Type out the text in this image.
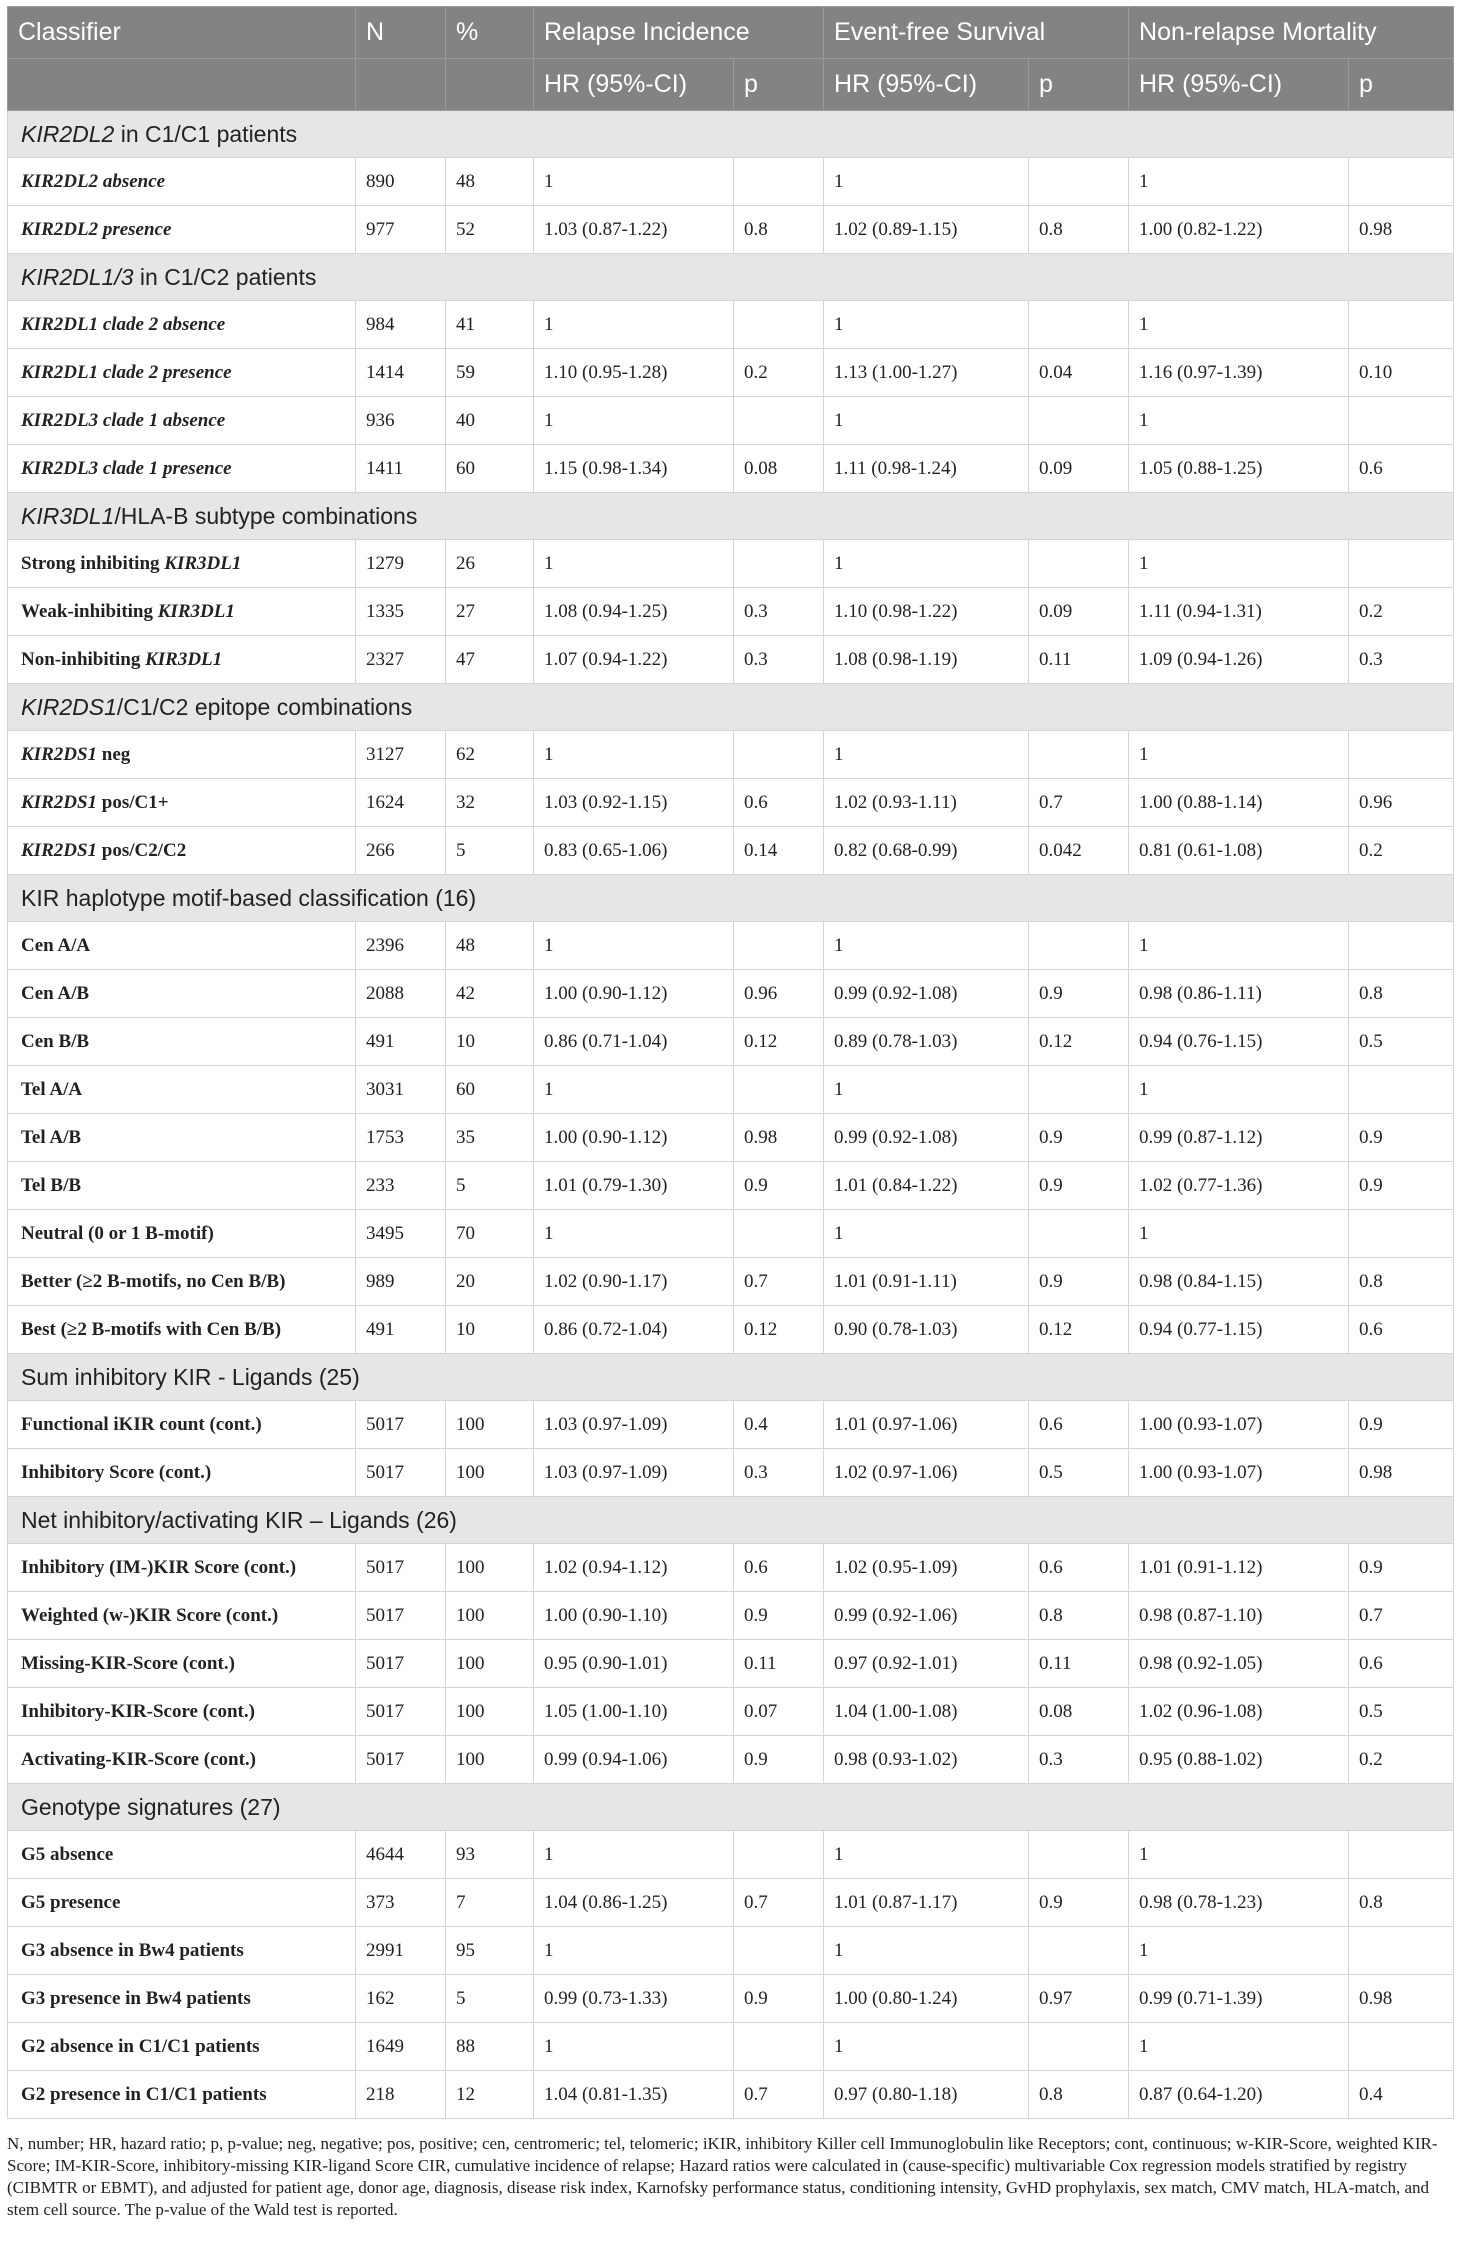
Classifier	N	%	Relapse Incidence		Event-free Survival		Non-relapse Mortality	
			HR (95%-CI)	p	HR (95%-CI)	p	HR (95%-CI)	p
KIR2DL2 in C1/C1 patients								
KIR2DL2 absence	890	48	1		1		1	
KIR2DL2 presence	977	52	1.03 (0.87-1.22)	0.8	1.02 (0.89-1.15)	0.8	1.00 (0.82-1.22)	0.98
KIR2DL1/3 in C1/C2 patients								
KIR2DL1 clade 2 absence	984	41	1		1		1	
KIR2DL1 clade 2 presence	1414	59	1.10 (0.95-1.28)	0.2	1.13 (1.00-1.27)	0.04	1.16 (0.97-1.39)	0.10
KIR2DL3 clade 1 absence	936	40	1		1		1	
KIR2DL3 clade 1 presence	1411	60	1.15 (0.98-1.34)	0.08	1.11 (0.98-1.24)	0.09	1.05 (0.88-1.25)	0.6
KIR3DL1/HLA-B subtype combinations								
Strong inhibiting KIR3DL1	1279	26	1		1		1	
Weak-inhibiting KIR3DL1	1335	27	1.08 (0.94-1.25)	0.3	1.10 (0.98-1.22)	0.09	1.11 (0.94-1.31)	0.2
Non-inhibiting KIR3DL1	2327	47	1.07 (0.94-1.22)	0.3	1.08 (0.98-1.19)	0.11	1.09 (0.94-1.26)	0.3
KIR2DS1/C1/C2 epitope combinations								
KIR2DS1 neg	3127	62	1		1		1	
KIR2DS1 pos/C1+	1624	32	1.03 (0.92-1.15)	0.6	1.02 (0.93-1.11)	0.7	1.00 (0.88-1.14)	0.96
KIR2DS1 pos/C2/C2	266	5	0.83 (0.65-1.06)	0.14	0.82 (0.68-0.99)	0.042	0.81 (0.61-1.08)	0.2
KIR haplotype motif-based classification (16)								
Cen A/A	2396	48	1		1		1	
Cen A/B	2088	42	1.00 (0.90-1.12)	0.96	0.99 (0.92-1.08)	0.9	0.98 (0.86-1.11)	0.8
Cen B/B	491	10	0.86 (0.71-1.04)	0.12	0.89 (0.78-1.03)	0.12	0.94 (0.76-1.15)	0.5
Tel A/A	3031	60	1		1		1	
Tel A/B	1753	35	1.00 (0.90-1.12)	0.98	0.99 (0.92-1.08)	0.9	0.99 (0.87-1.12)	0.9
Tel B/B	233	5	1.01 (0.79-1.30)	0.9	1.01 (0.84-1.22)	0.9	1.02 (0.77-1.36)	0.9
Neutral (0 or 1 B-motif)	3495	70	1		1		1	
Better (≥2 B-motifs, no Cen B/B)	989	20	1.02 (0.90-1.17)	0.7	1.01 (0.91-1.11)	0.9	0.98 (0.84-1.15)	0.8
Best (≥2 B-motifs with Cen B/B)	491	10	0.86 (0.72-1.04)	0.12	0.90 (0.78-1.03)	0.12	0.94 (0.77-1.15)	0.6
Sum inhibitory KIR - Ligands (25)								
Functional iKIR count (cont.)	5017	100	1.03 (0.97-1.09)	0.4	1.01 (0.97-1.06)	0.6	1.00 (0.93-1.07)	0.9
Inhibitory Score (cont.)	5017	100	1.03 (0.97-1.09)	0.3	1.02 (0.97-1.06)	0.5	1.00 (0.93-1.07)	0.98
Net inhibitory/activating KIR – Ligands (26)								
Inhibitory (IM-)KIR Score (cont.)	5017	100	1.02 (0.94-1.12)	0.6	1.02 (0.95-1.09)	0.6	1.01 (0.91-1.12)	0.9
Weighted (w-)KIR Score (cont.)	5017	100	1.00 (0.90-1.10)	0.9	0.99 (0.92-1.06)	0.8	0.98 (0.87-1.10)	0.7
Missing-KIR-Score (cont.)	5017	100	0.95 (0.90-1.01)	0.11	0.97 (0.92-1.01)	0.11	0.98 (0.92-1.05)	0.6
Inhibitory-KIR-Score (cont.)	5017	100	1.05 (1.00-1.10)	0.07	1.04 (1.00-1.08)	0.08	1.02 (0.96-1.08)	0.5
Activating-KIR-Score (cont.)	5017	100	0.99 (0.94-1.06)	0.9	0.98 (0.93-1.02)	0.3	0.95 (0.88-1.02)	0.2
Genotype signatures (27)								
G5 absence	4644	93	1		1		1	
G5 presence	373	7	1.04 (0.86-1.25)	0.7	1.01 (0.87-1.17)	0.9	0.98 (0.78-1.23)	0.8
G3 absence in Bw4 patients	2991	95	1		1		1	
G3 presence in Bw4 patients	162	5	0.99 (0.73-1.33)	0.9	1.00 (0.80-1.24)	0.97	0.99 (0.71-1.39)	0.98
G2 absence in C1/C1 patients	1649	88	1		1		1	
G2 presence in C1/C1 patients	218	12	1.04 (0.81-1.35)	0.7	0.97 (0.80-1.18)	0.8	0.87 (0.64-1.20)	0.4
N, number; HR, hazard ratio; p, p-value; neg, negative; pos, positive; cen, centromeric; tel, telomeric; iKIR, inhibitory Killer cell Immunoglobulin like Receptors; cont, continuous; w-KIR-Score, weighted KIR-Score; IM-KIR-Score, inhibitory-missing KIR-ligand Score CIR, cumulative incidence of relapse; Hazard ratios were calculated in (cause-specific) multivariable Cox regression models stratified by registry (CIBMTR or EBMT), and adjusted for patient age, donor age, diagnosis, disease risk index, Karnofsky performance status, conditioning intensity, GvHD prophylaxis, sex match, CMV match, HLA-match, and stem cell source. The p-value of the Wald test is reported.
